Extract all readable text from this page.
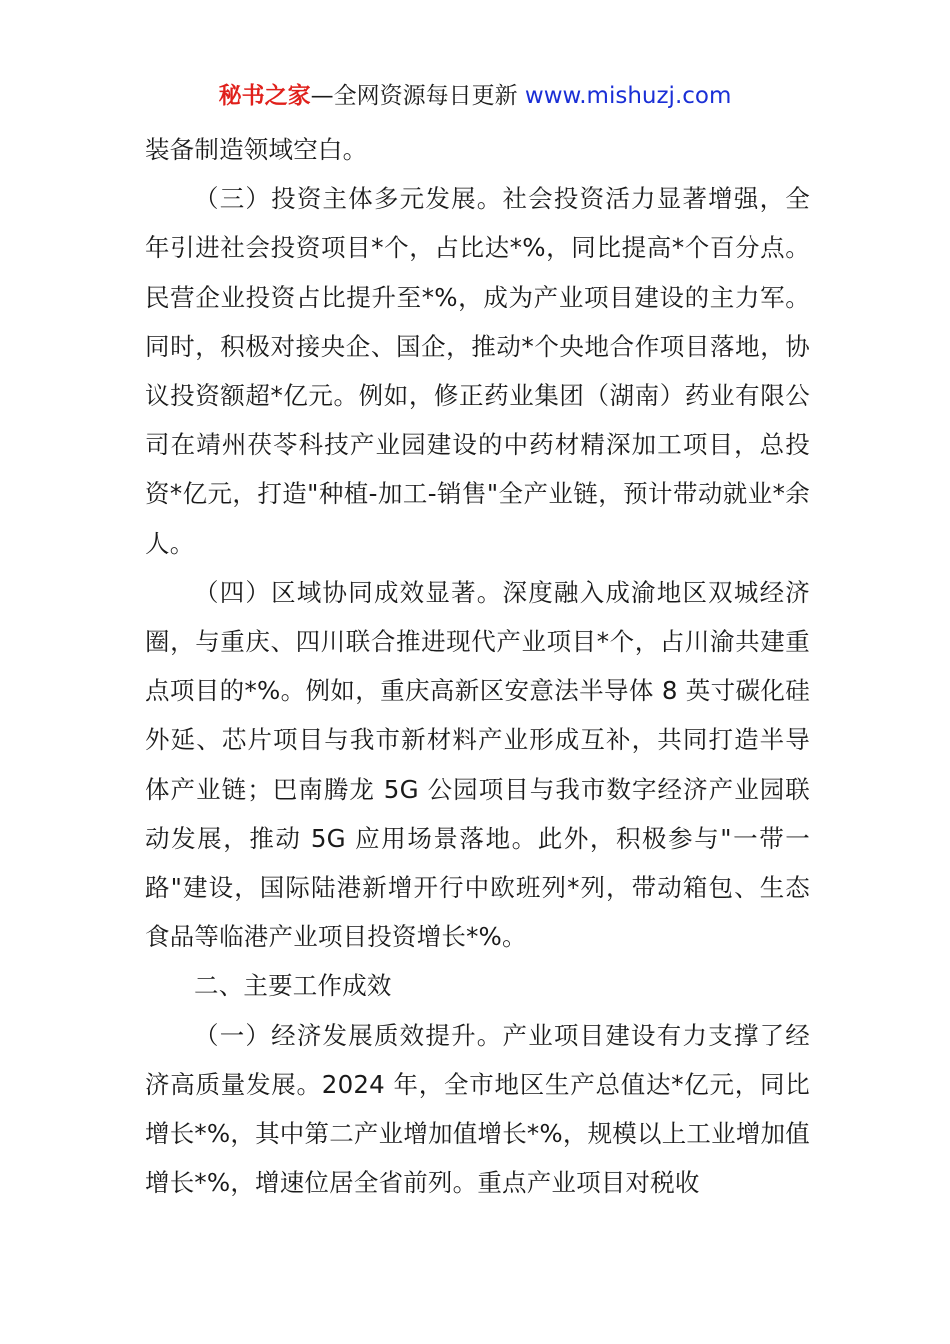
秘书之家—全网资源每日更新 www.mishuzj.com

装备制造领域空白。

（三）投资主体多元发展。社会投资活力显著增强，全年引进社会投资项目*个，占比达*%，同比提高*个百分点。民营企业投资占比提升至*%，成为产业项目建设的主力军。同时，积极对接央企、国企，推动*个央地合作项目落地，协议投资额超*亿元。例如，修正药业集团（湖南）药业有限公司在靖州茯苓科技产业园建设的中药材精深加工项目，总投资*亿元，打造"种植-加工-销售"全产业链，预计带动就业*余人。

（四）区域协同成效显著。深度融入成渝地区双城经济圈，与重庆、四川联合推进现代产业项目*个，占川渝共建重点项目的*%。例如，重庆高新区安意法半导体 8 英寸碳化硅外延、芯片项目与我市新材料产业形成互补，共同打造半导体产业链；巴南腾龙 5G 公园项目与我市数字经济产业园联动发展，推动 5G 应用场景落地。此外，积极参与"一带一路"建设，国际陆港新增开行中欧班列*列，带动箱包、生态食品等临港产业项目投资增长*%。

二、主要工作成效

（一）经济发展质效提升。产业项目建设有力支撑了经济高质量发展。2024 年，全市地区生产总值达*亿元，同比增长*%，其中第二产业增加值增长*%，规模以上工业增加值增长*%，增速位居全省前列。重点产业项目对税收
